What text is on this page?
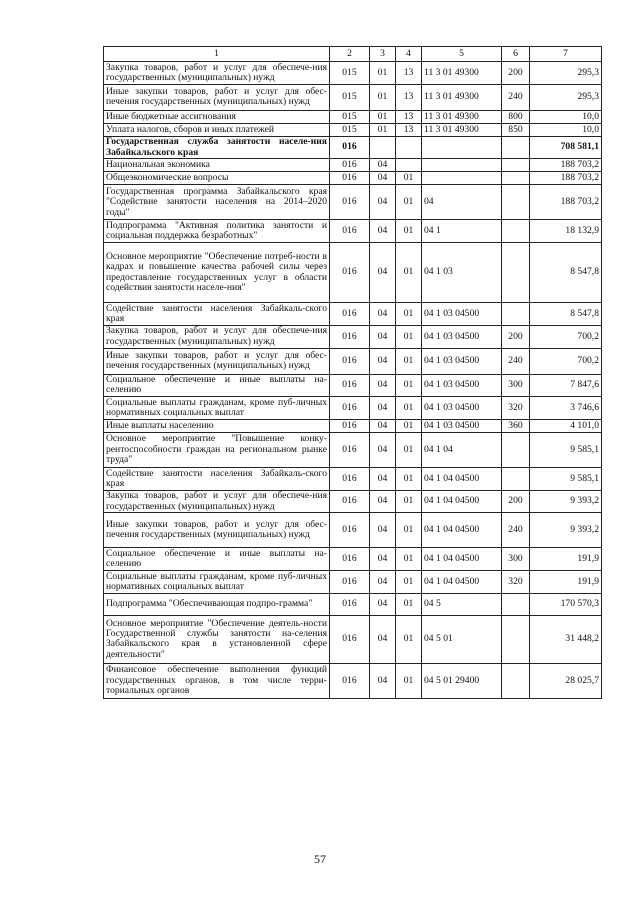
1	2	3	4	5	6	7
Закупка товаров, работ и услуг для обеспече-ния государственных (муниципальных) нужд	015	01	13	11 3 01 49300	200	295,3
Иные закупки товаров, работ и услуг для обес-печения государственных (муниципальных) нужд	015	01	13	11 3 01 49300	240	295,3
Иные бюджетные ассигнования	015	01	13	11 3 01 49300	800	10,0
Уплата налогов, сборов и иных платежей	015	01	13	11 3 01 49300	850	10,0
Государственная служба занятости населе-ния Забайкальского края	016					708 581,1
Национальная экономика	016	04				188 703,2
Общеэкономические вопросы	016	04	01			188 703,2
Государственная программа Забайкальского края "Содействие занятости населения на 2014–2020 годы"	016	04	01	04		188 703,2
Подпрограмма "Активная политика занятости и социальная поддержка безработных"	016	04	01	04 1		18 132,9
Основное мероприятие "Обеспечение потреб-ности в кадрах и повышение качества рабочей силы через предоставление государственных услуг в области содействия занятости населе-ния"	016	04	01	04 1 03		8 547,8
Содействие занятости населения Забайкаль-ского края	016	04	01	04 1 03 04500		8 547,8
Закупка товаров, работ и услуг для обеспече-ния государственных (муниципальных) нужд	016	04	01	04 1 03 04500	200	700,2
Иные закупки товаров, работ и услуг для обес-печения государственных (муниципальных) нужд	016	04	01	04 1 03 04500	240	700,2
Социальное обеспечение и иные выплаты на-селению	016	04	01	04 1 03 04500	300	7 847,6
Социальные выплаты гражданам, кроме пуб-личных нормативных социальных выплат	016	04	01	04 1 03 04500	320	3 746,6
Иные выплаты населению	016	04	01	04 1 03 04500	360	4 101,0
Основное мероприятие "Повышение конку-рентоспособности граждан на региональном рынке труда"	016	04	01	04 1 04		9 585,1
Содействие занятости населения Забайкаль-ского края	016	04	01	04 1 04 04500		9 585,1
Закупка товаров, работ и услуг для обеспече-ния государственных (муниципальных) нужд	016	04	01	04 1 04 04500	200	9 393,2
Иные закупки товаров, работ и услуг для обес-печения государственных (муниципальных) нужд	016	04	01	04 1 04 04500	240	9 393,2
Социальное обеспечение и иные выплаты на-селению	016	04	01	04 1 04 04500	300	191,9
Социальные выплаты гражданам, кроме пуб-личных нормативных социальных выплат	016	04	01	04 1 04 04500	320	191,9
Подпрограмма "Обеспечивающая подпро-грамма"	016	04	01	04 5		170 570,3
Основное мероприятие "Обеспечение деятель-ности Государственной службы занятости на-селения Забайкальского края в установленной сфере деятельности"	016	04	01	04 5 01		31 448,2
Финансовое обеспечение выполнения функций государственных органов, в том числе терри-ториальных органов	016	04	01	04 5 01 29400		28 025,7
57
